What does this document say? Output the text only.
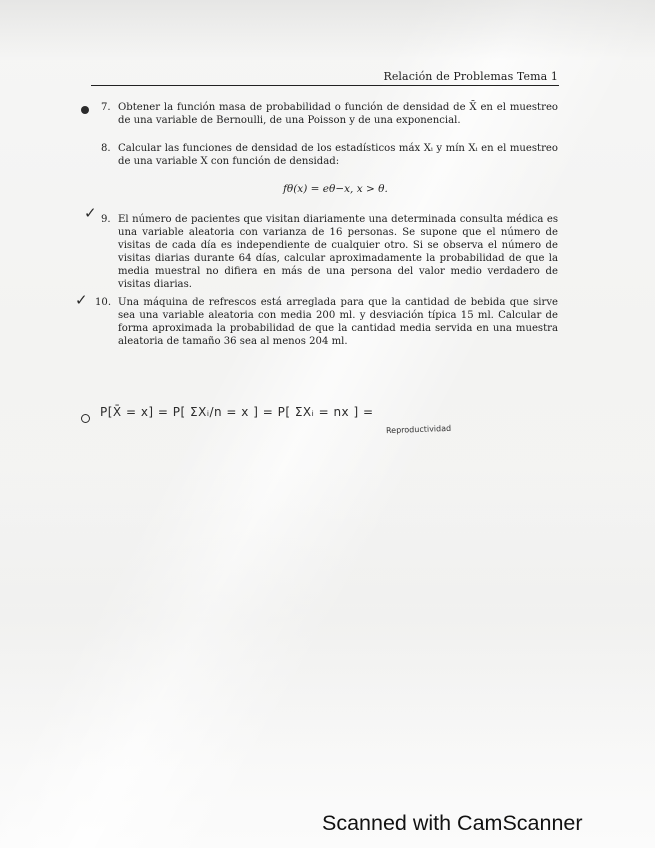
Relación de Problemas Tema 1
7. Obtener la función masa de probabilidad o función de densidad de X̄ en el muestreo de una variable de Bernoulli, de una Poisson y de una exponencial.
8. Calcular las funciones de densidad de los estadísticos máx Xᵢ y mín Xᵢ en el muestreo de una variable X con función de densidad:
fθ(x) = eθ−x, x > θ.
✓ 9. El número de pacientes que visitan diariamente una determinada consulta médica es una variable aleatoria con varianza de 16 personas. Se supone que el número de visitas de cada día es independiente de cualquier otro. Si se observa el número de visitas diarias durante 64 días, calcular aproximadamente la probabilidad de que la media muestral no difiera en más de una persona del valor medio verdadero de visitas diarias.
✓ 10. Una máquina de refrescos está arreglada para que la cantidad de bebida que sirve sea una variable aleatoria con media 200 ml. y desviación típica 15 ml. Calcular de forma aproximada la probabilidad de que la cantidad media servida en una muestra aleatoria de tamaño 36 sea al menos 204 ml.
P[X̄ = x] = P[ ΣXᵢ/n = x ] = P[ ΣXᵢ = nx ] =
Reproductividad
Scanned with CamScanner
